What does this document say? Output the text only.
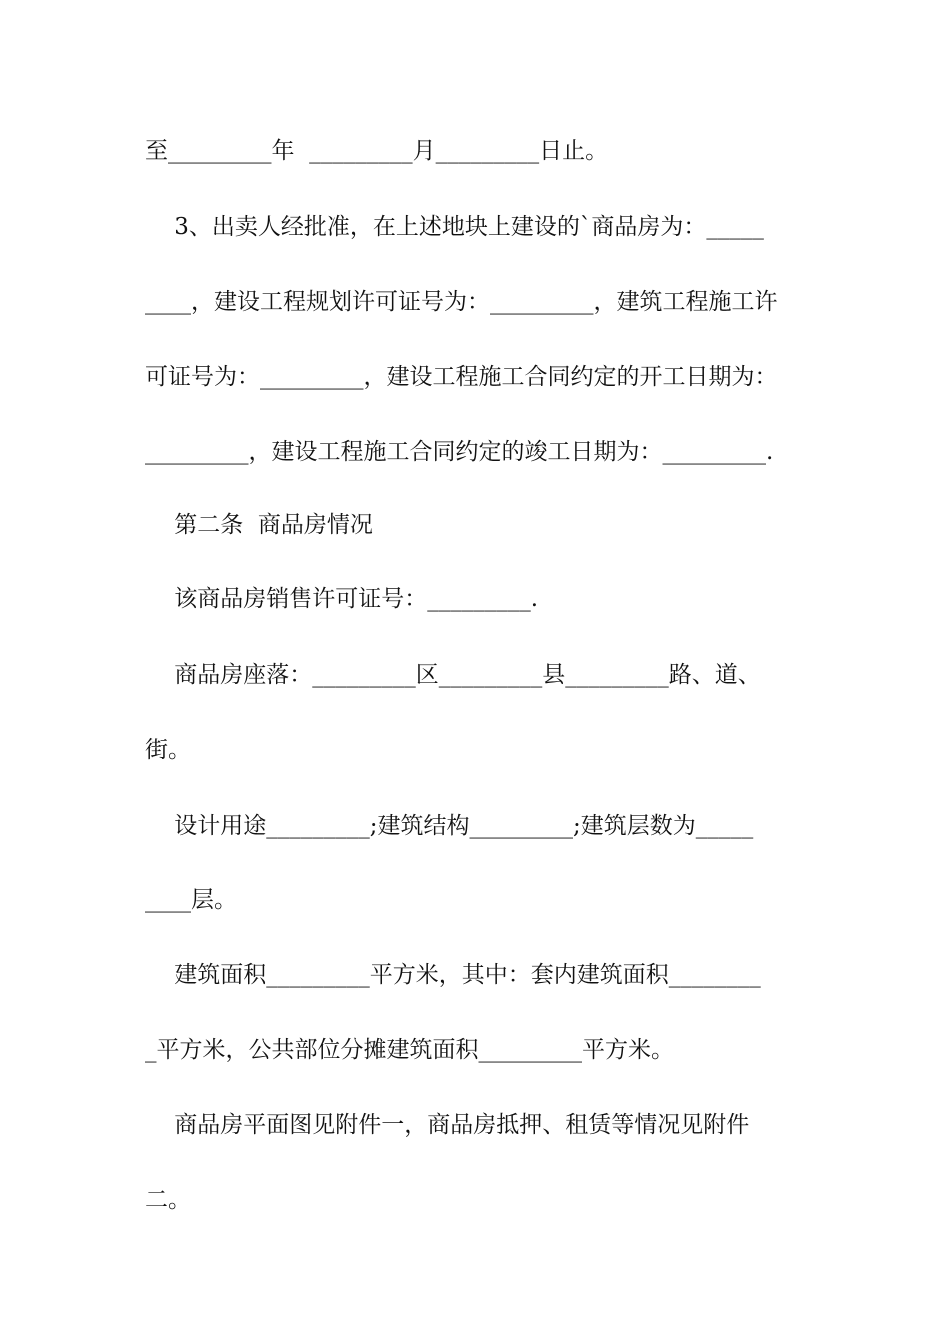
至_________年  _________月_________日止。
3、出卖人经批准，在上述地块上建设的`商品房为：_____
____，建设工程规划许可证号为：_________，建筑工程施工许
可证号为：_________，建设工程施工合同约定的开工日期为：
_________，建设工程施工合同约定的竣工日期为：_________.
第二条  商品房情况
该商品房销售许可证号：_________.
商品房座落：_________区_________县_________路、道、
街。
设计用途_________;建筑结构_________;建筑层数为_____
____层。
建筑面积_________平方米，其中：套内建筑面积________
_平方米，公共部位分摊建筑面积_________平方米。
商品房平面图见附件一，商品房抵押、租赁等情况见附件
二。
